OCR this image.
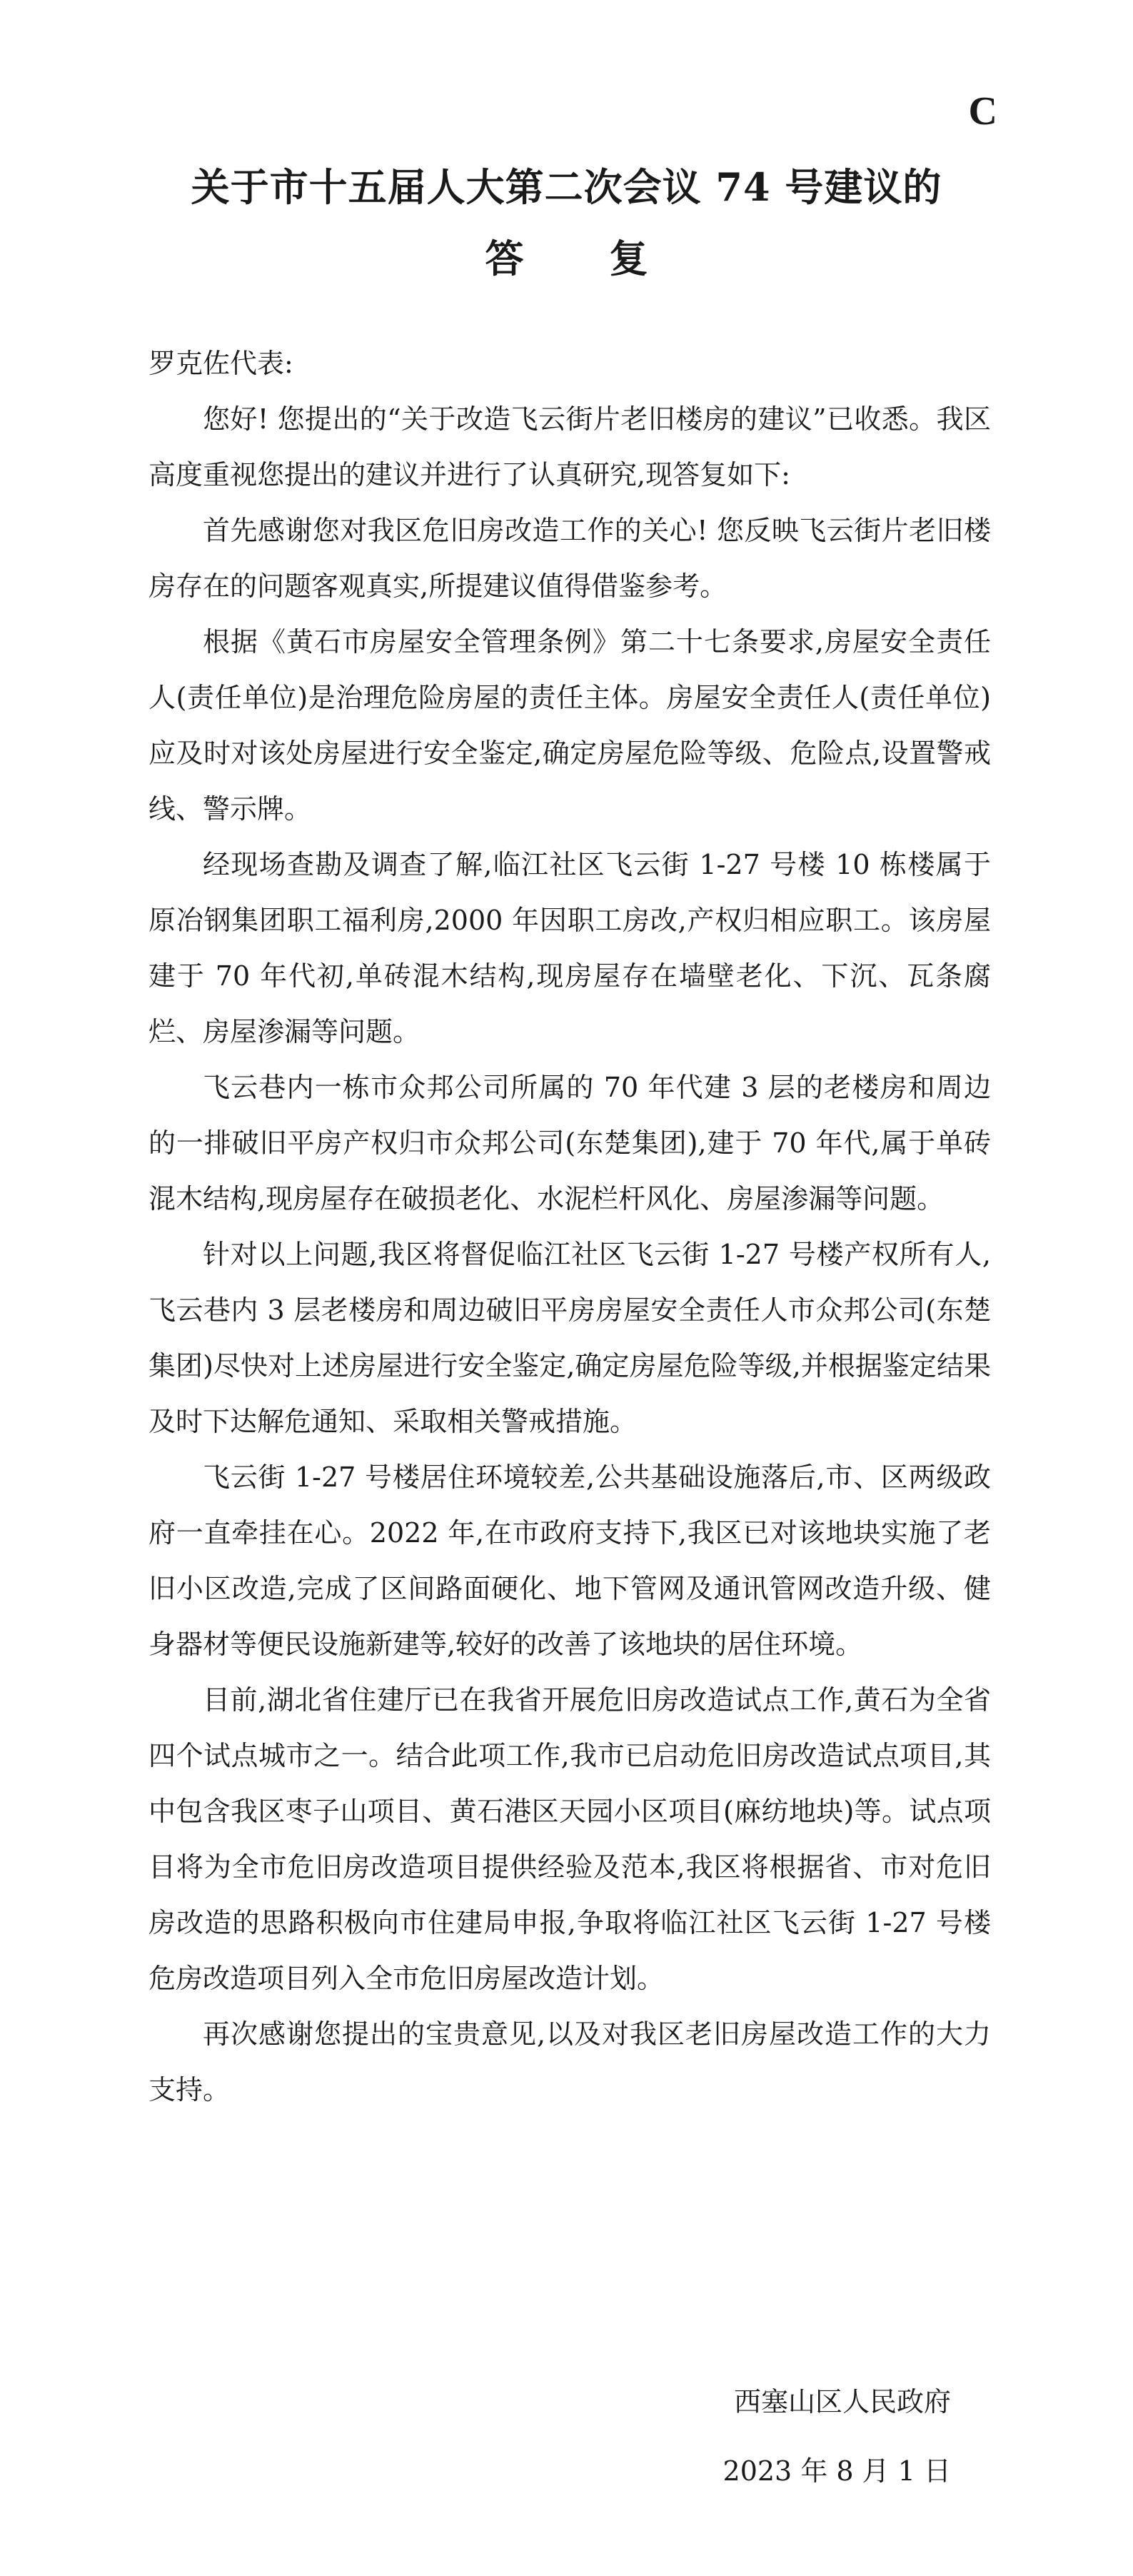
C
关于市十五届人大第二次会议 74 号建议的
答复

罗克佐代表:

您好! 您提出的“关于改造飞云街片老旧楼房的建议”已收悉。我区高度重视您提出的建议并进行了认真研究,现答复如下:

首先感谢您对我区危旧房改造工作的关心! 您反映飞云街片老旧楼房存在的问题客观真实,所提建议值得借鉴参考。

根据《黄石市房屋安全管理条例》第二十七条要求,房屋安全责任人(责任单位)是治理危险房屋的责任主体。房屋安全责任人(责任单位)应及时对该处房屋进行安全鉴定,确定房屋危险等级、危险点,设置警戒线、警示牌。

经现场查勘及调查了解,临江社区飞云街 1-27 号楼 10 栋楼属于原冶钢集团职工福利房,2000 年因职工房改,产权归相应职工。该房屋建于 70 年代初,单砖混木结构,现房屋存在墙壁老化、下沉、瓦条腐烂、房屋渗漏等问题。

飞云巷内一栋市众邦公司所属的 70 年代建 3 层的老楼房和周边的一排破旧平房产权归市众邦公司(东楚集团),建于 70 年代,属于单砖混木结构,现房屋存在破损老化、水泥栏杆风化、房屋渗漏等问题。

针对以上问题,我区将督促临江社区飞云街 1-27 号楼产权所有人,飞云巷内 3 层老楼房和周边破旧平房房屋安全责任人市众邦公司(东楚集团)尽快对上述房屋进行安全鉴定,确定房屋危险等级,并根据鉴定结果及时下达解危通知、采取相关警戒措施。

飞云街 1-27 号楼居住环境较差,公共基础设施落后,市、区两级政府一直牵挂在心。2022 年,在市政府支持下,我区已对该地块实施了老旧小区改造,完成了区间路面硬化、地下管网及通讯管网改造升级、健身器材等便民设施新建等,较好的改善了该地块的居住环境。

目前,湖北省住建厅已在我省开展危旧房改造试点工作,黄石为全省四个试点城市之一。结合此项工作,我市已启动危旧房改造试点项目,其中包含我区枣子山项目、黄石港区天园小区项目(麻纺地块)等。试点项目将为全市危旧房改造项目提供经验及范本,我区将根据省、市对危旧房改造的思路积极向市住建局申报,争取将临江社区飞云街 1-27 号楼危房改造项目列入全市危旧房屋改造计划。

再次感谢您提出的宝贵意见,以及对我区老旧房屋改造工作的大力支持。

西塞山区人民政府
2023 年 8 月 1 日
